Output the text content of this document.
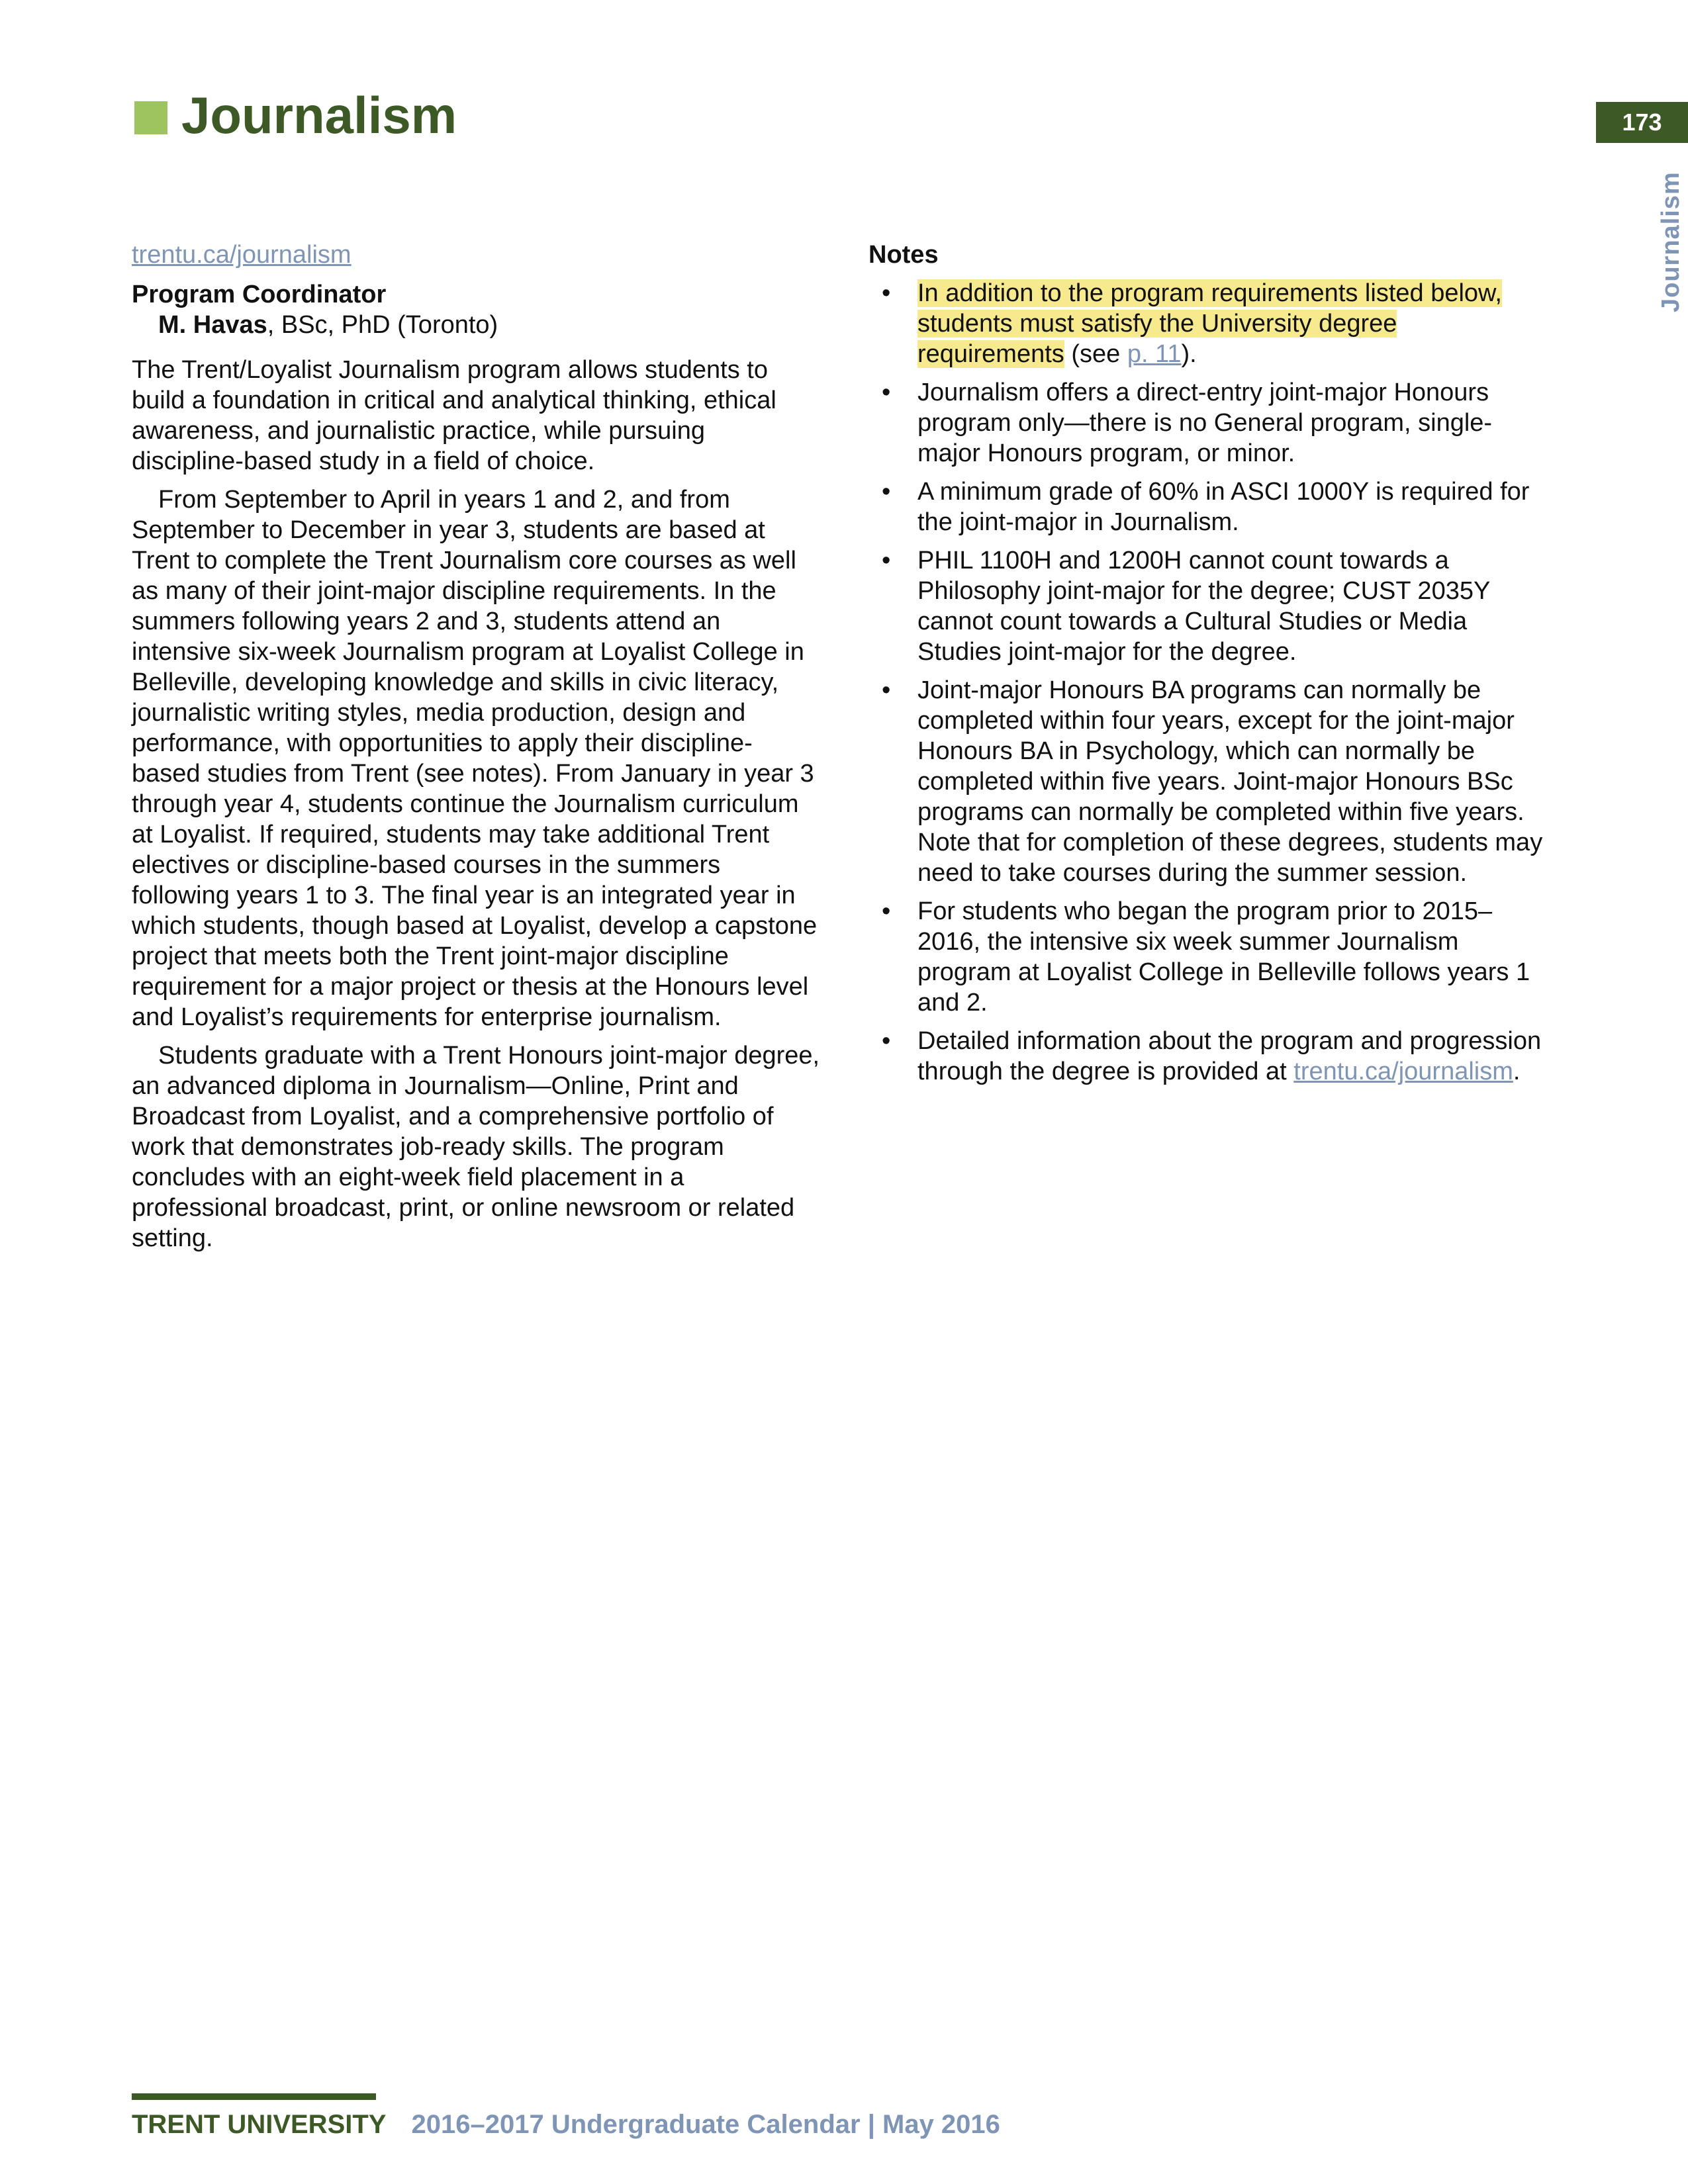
Journalism	173
Journalism
trentu.ca/journalism

Program Coordinator

M. Havas, BSc, PhD (Toronto)

The Trent/Loyalist Journalism program allows students to build a foundation in critical and analytical thinking, ethical awareness, and journalistic practice, while pursuing discipline-based study in a field of choice.

From September to April in years 1 and 2, and from September to December in year 3, students are based at Trent to complete the Trent Journalism core courses as well as many of their joint-major discipline requirements. In the summers following years 2 and 3, students attend an intensive six-week Journalism program at Loyalist College in Belleville, developing knowledge and skills in civic literacy, journalistic writing styles, media production, design and performance, with opportunities to apply their discipline-based studies from Trent (see notes). From January in year 3 through year 4, students continue the Journalism curriculum at Loyalist. If required, students may take additional Trent electives or discipline-based courses in the summers following years 1 to 3. The final year is an integrated year in which students, though based at Loyalist, develop a capstone project that meets both the Trent joint-major discipline requirement for a major project or thesis at the Honours level and Loyalist’s requirements for enterprise journalism.

Students graduate with a Trent Honours joint-major degree, an advanced diploma in Journalism—Online, Print and Broadcast from Loyalist, and a comprehensive portfolio of work that demonstrates job-ready skills. The program concludes with an eight-week field placement in a professional broadcast, print, or online newsroom or related setting.

Notes

• In addition to the program requirements listed below, students must satisfy the University degree requirements (see p. 11).
• Journalism offers a direct-entry joint-major Honours program only—there is no General program, single-major Honours program, or minor.
• A minimum grade of 60% in ASCI 1000Y is required for the joint-major in Journalism.
• PHIL 1100H and 1200H cannot count towards a Philosophy joint-major for the degree; CUST 2035Y cannot count towards a Cultural Studies or Media Studies joint-major for the degree.
• Joint-major Honours BA programs can normally be completed within four years, except for the joint-major Honours BA in Psychology, which can normally be completed within five years. Joint-major Honours BSc programs can normally be completed within five years. Note that for completion of these degrees, students may need to take courses during the summer session.
• For students who began the program prior to 2015–2016, the intensive six week summer Journalism program at Loyalist College in Belleville follows years 1 and 2.
• Detailed information about the program and progression through the degree is provided at trentu.ca/journalism.
TRENT UNIVERSITY 2016–2017 Undergraduate Calendar | May 2016
